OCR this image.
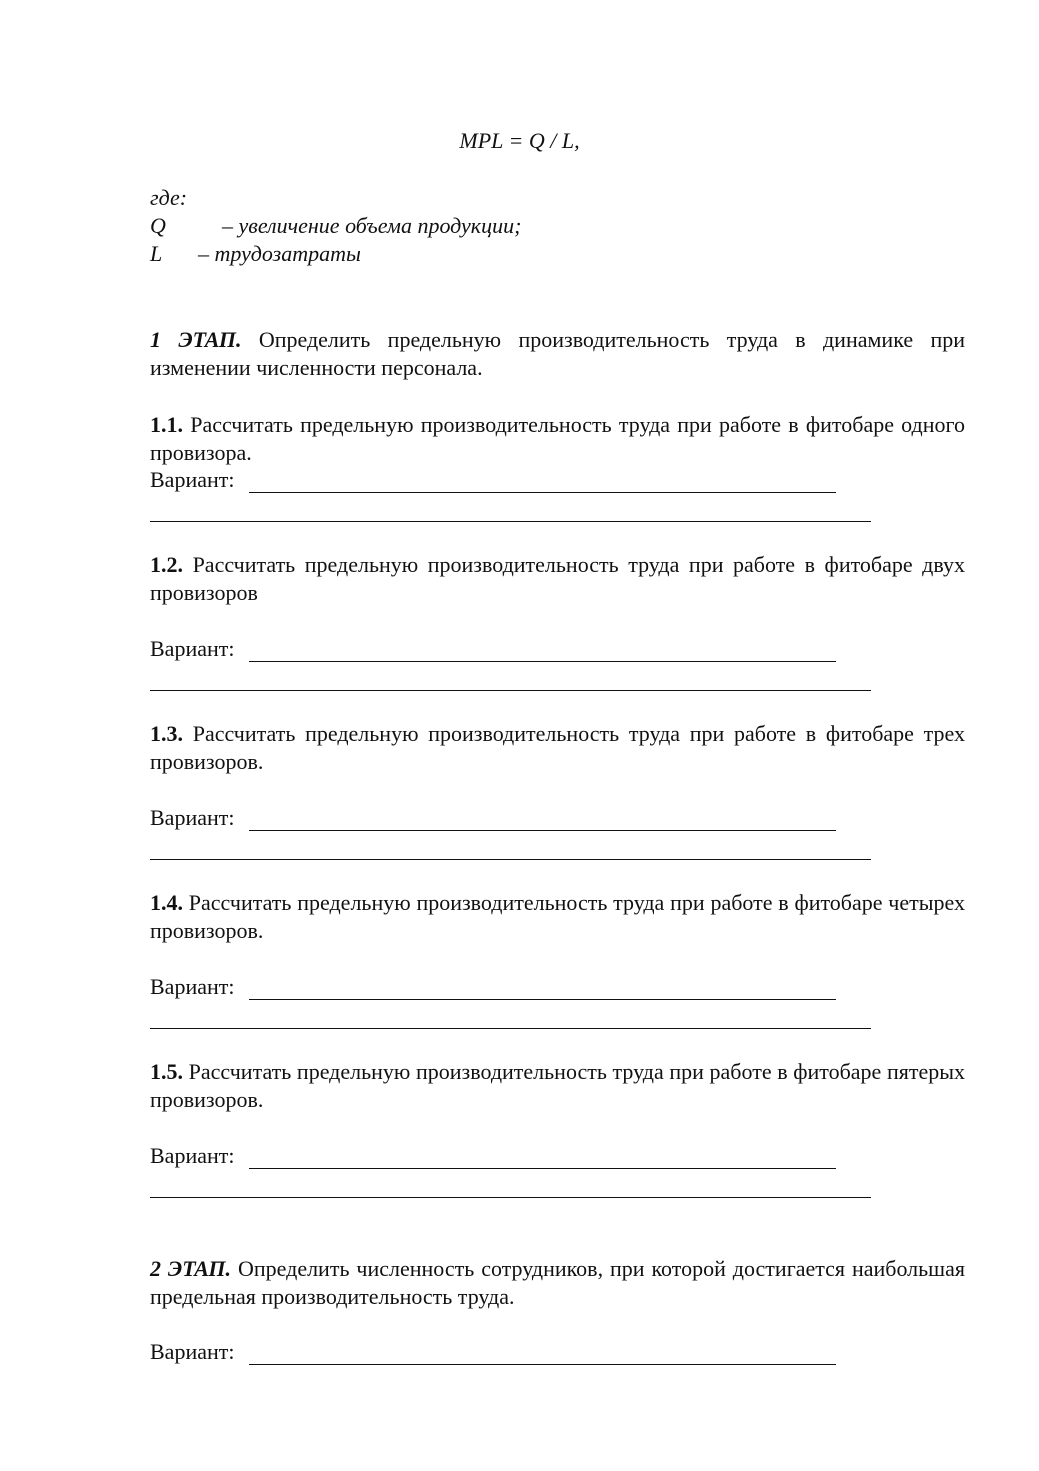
MPL = Q / L,
где:
Q	– увеличение объема продукции;
L – трудозатраты
1 ЭТАП. Определить предельную производительность труда в динамике при изменении численности персонала.
1.1. Рассчитать предельную производительность труда при работе в фитобаре одного провизора.
Вариант:
1.2. Рассчитать предельную производительность труда при работе в фитобаре двух провизоров
Вариант:
1.3. Рассчитать предельную производительность труда при работе в фитобаре трех провизоров.
Вариант:
1.4. Рассчитать предельную производительность труда при работе в фитобаре четырех провизоров.
Вариант:
1.5. Рассчитать предельную производительность труда при работе в фитобаре пятерых провизоров.
Вариант:
2 ЭТАП. Определить численность сотрудников, при которой достигается наибольшая предельная производительность труда.
Вариант:
